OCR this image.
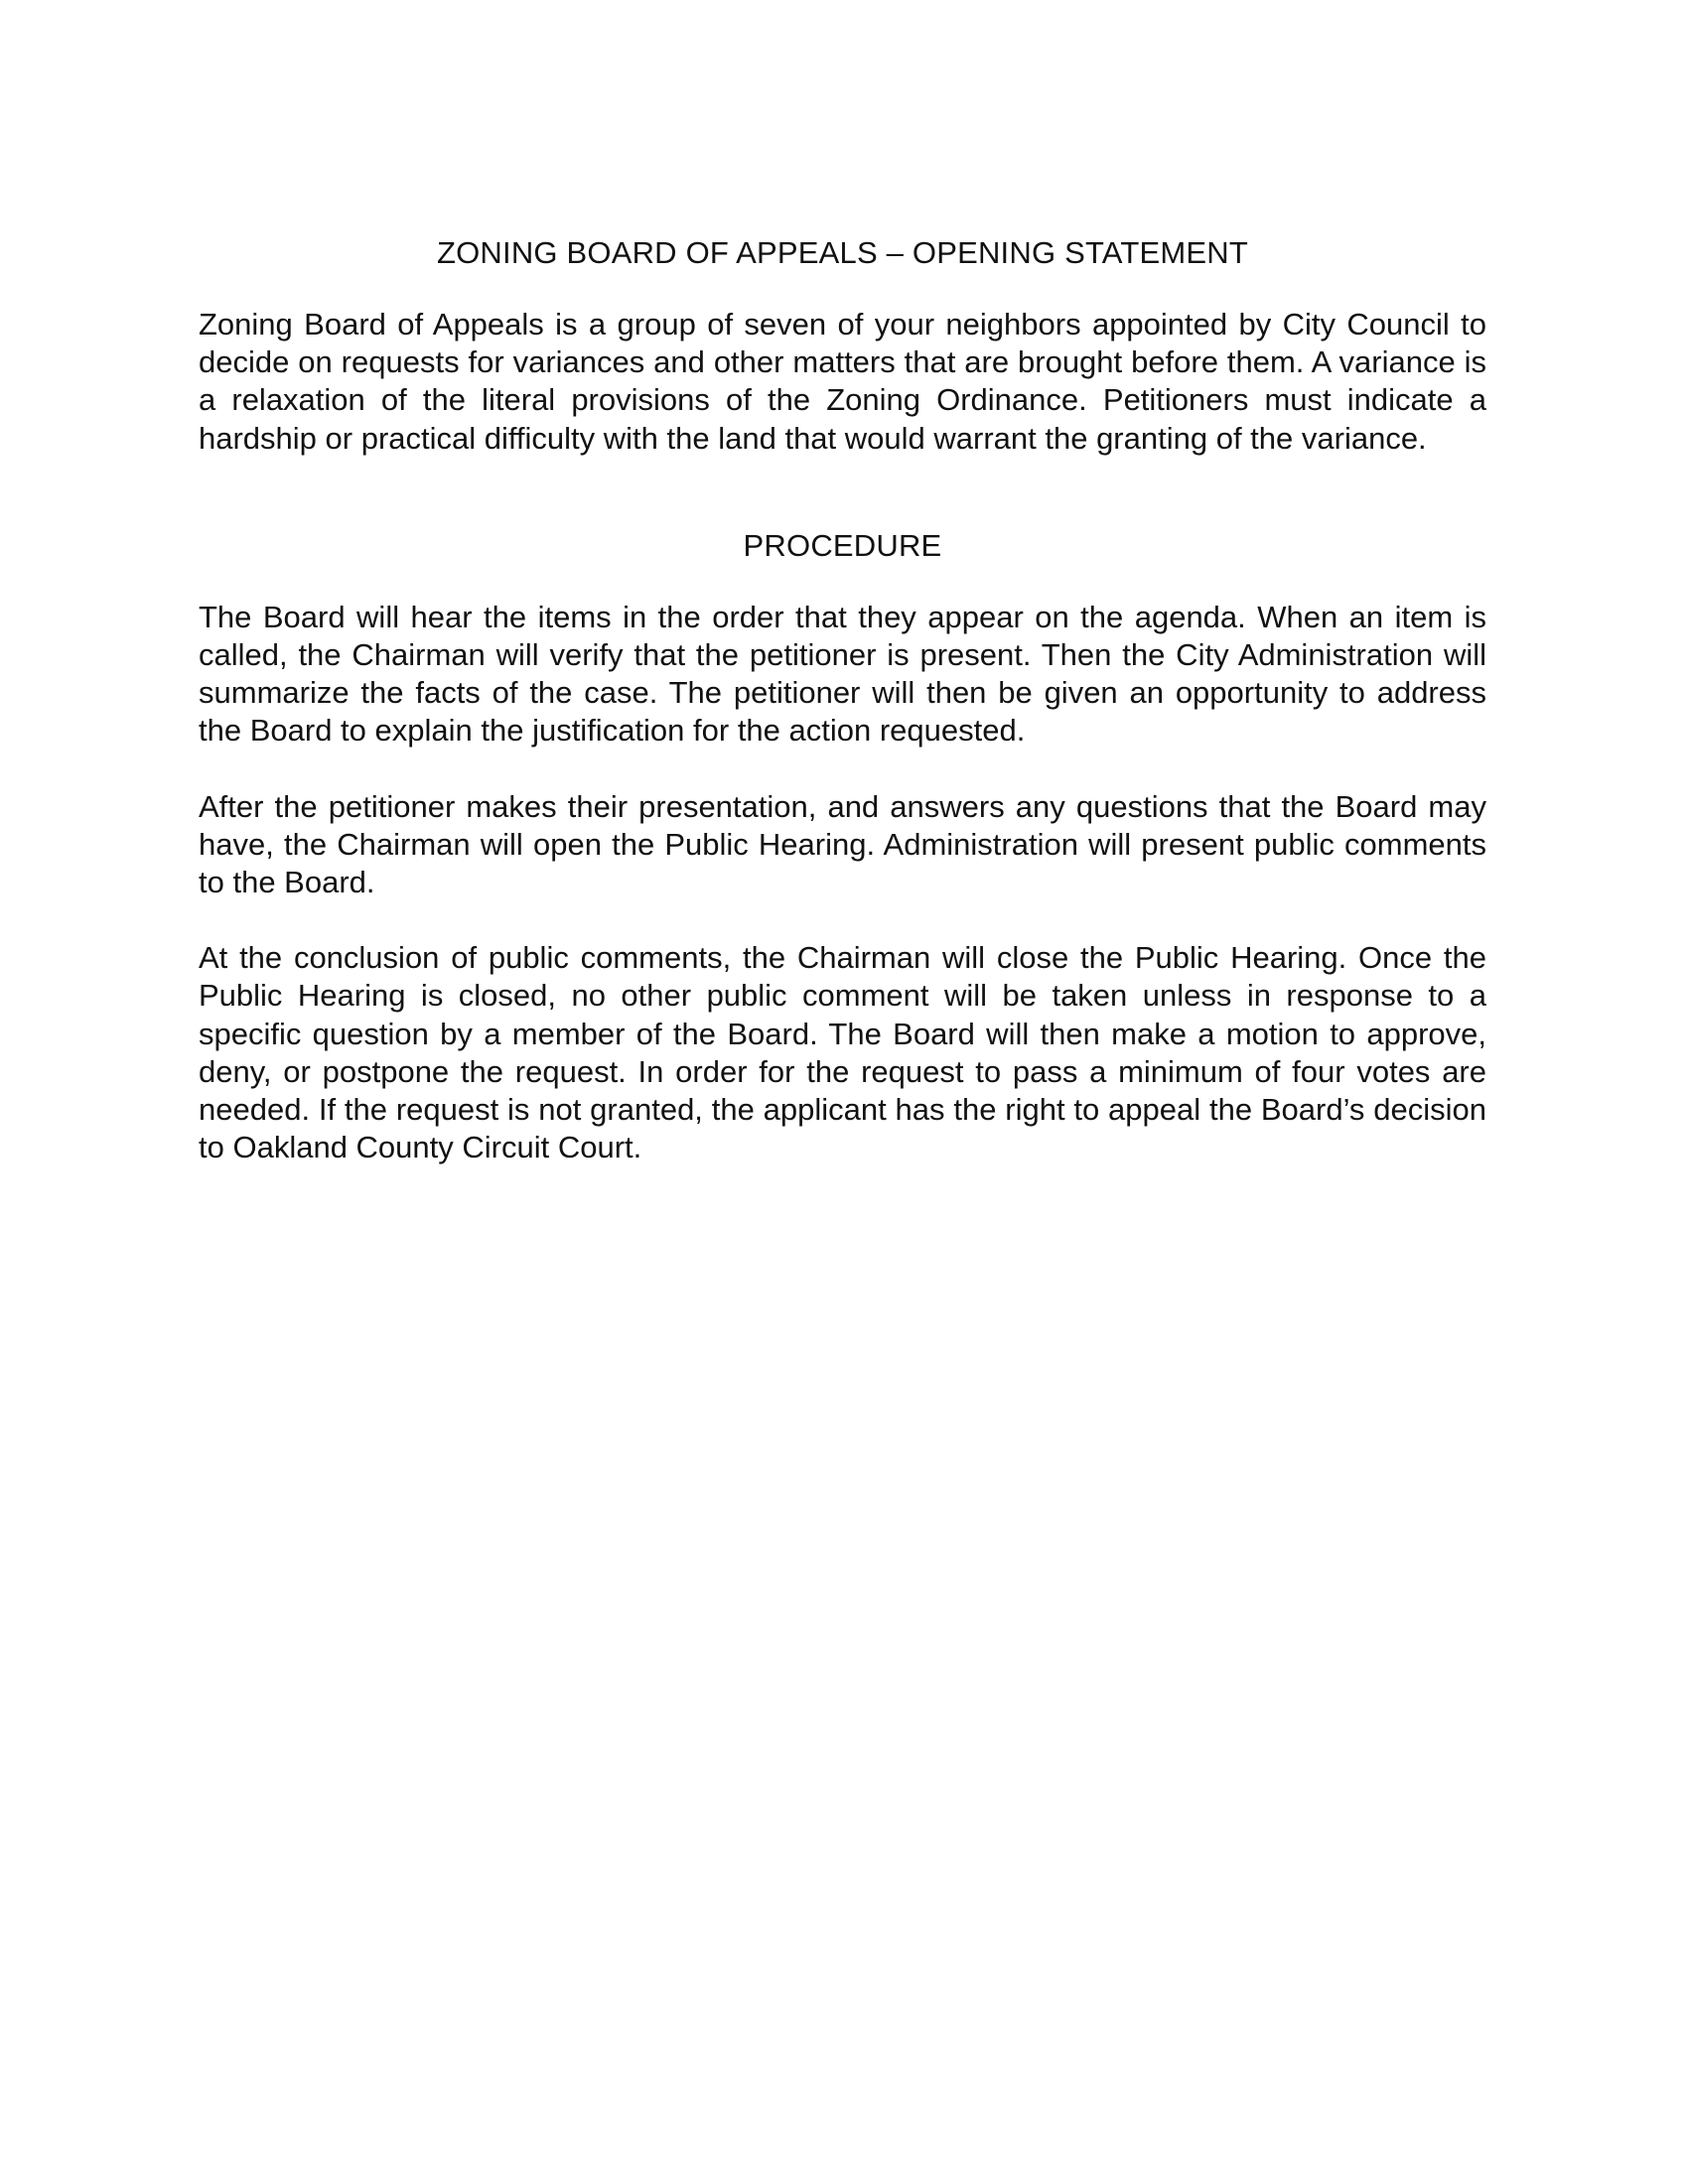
ZONING BOARD OF APPEALS – OPENING STATEMENT

Zoning Board of Appeals is a group of seven of your neighbors appointed by City Council to decide on requests for variances and other matters that are brought before them. A variance is a relaxation of the literal provisions of the Zoning Ordinance. Petitioners must indicate a hardship or practical difficulty with the land that would warrant the granting of the variance.

PROCEDURE

The Board will hear the items in the order that they appear on the agenda. When an item is called, the Chairman will verify that the petitioner is present. Then the City Administration will summarize the facts of the case. The petitioner will then be given an opportunity to address the Board to explain the justification for the action requested.

After the petitioner makes their presentation, and answers any questions that the Board may have, the Chairman will open the Public Hearing. Administration will present public comments to the Board.

At the conclusion of public comments, the Chairman will close the Public Hearing. Once the Public Hearing is closed, no other public comment will be taken unless in response to a specific question by a member of the Board. The Board will then make a motion to approve, deny, or postpone the request. In order for the request to pass a minimum of four votes are needed. If the request is not granted, the applicant has the right to appeal the Board’s decision to Oakland County Circuit Court.
